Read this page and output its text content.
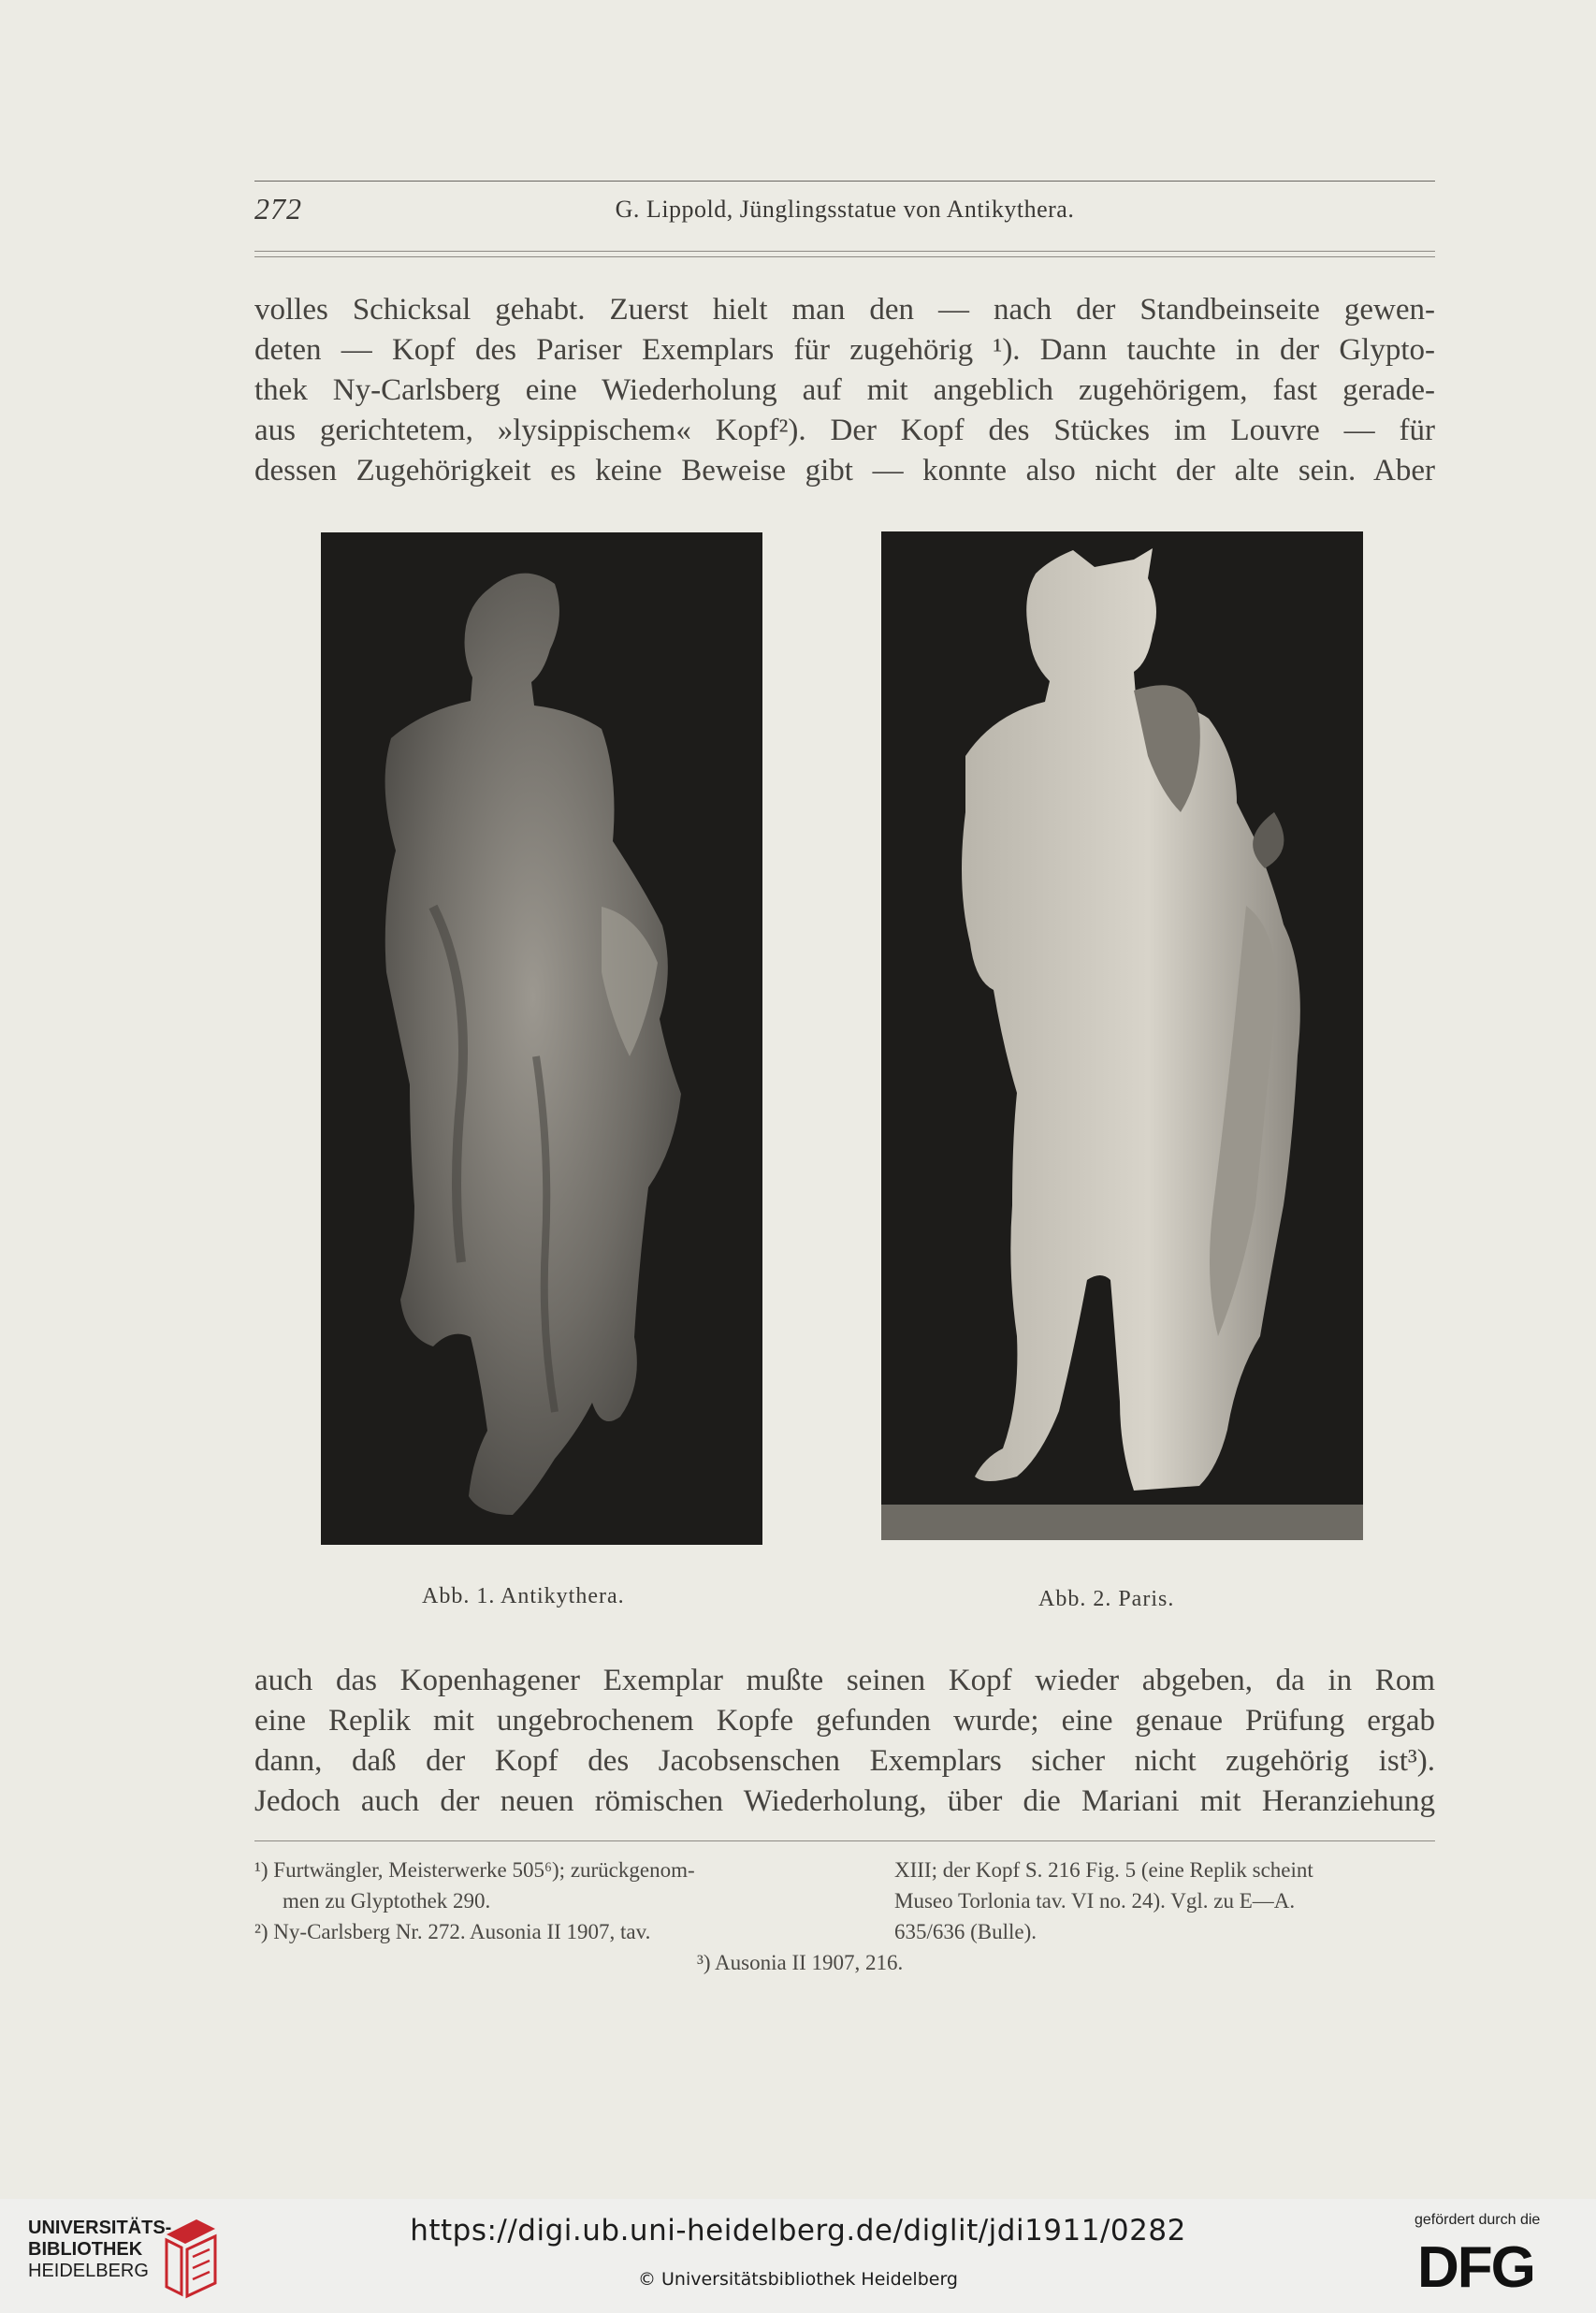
272	G. Lippold, Jünglingsstatue von Antikythera.
volles Schicksal gehabt. Zuerst hielt man den — nach der Standbeinseite gewen-
deten — Kopf des Pariser Exemplars für zugehörig ¹). Dann tauchte in der Glypto-
thek Ny-Carlsberg eine Wiederholung auf mit angeblich zugehörigem, fast gerade-
aus gerichtetem, »lysippischem« Kopf²). Der Kopf des Stückes im Louvre — für
dessen Zugehörigkeit es keine Beweise gibt — konnte also nicht der alte sein. Aber
Abb. 1. Antikythera.	Abb. 2. Paris.
auch das Kopenhagener Exemplar mußte seinen Kopf wieder abgeben, da in Rom
eine Replik mit ungebrochenem Kopfe gefunden wurde; eine genaue Prüfung ergab
dann, daß der Kopf des Jacobsenschen Exemplars sicher nicht zugehörig ist³).
Jedoch auch der neuen römischen Wiederholung, über die Mariani mit Heranziehung
¹) Furtwängler, Meisterwerke 505⁶); zurückgenom-
men zu Glyptothek 290.
²) Ny-Carlsberg Nr. 272. Ausonia II 1907, tav.
XIII; der Kopf S. 216 Fig. 5 (eine Replik scheint
Museo Torlonia tav. VI no. 24). Vgl. zu E—A.
635/636 (Bulle).
³) Ausonia II 1907, 216.
UNIVERSITÄTS-
BIBLIOTHEK
HEIDELBERG
https://digi.ub.uni-heidelberg.de/diglit/jdi1911/0282
© Universitätsbibliothek Heidelberg
gefördert durch die
DFG
